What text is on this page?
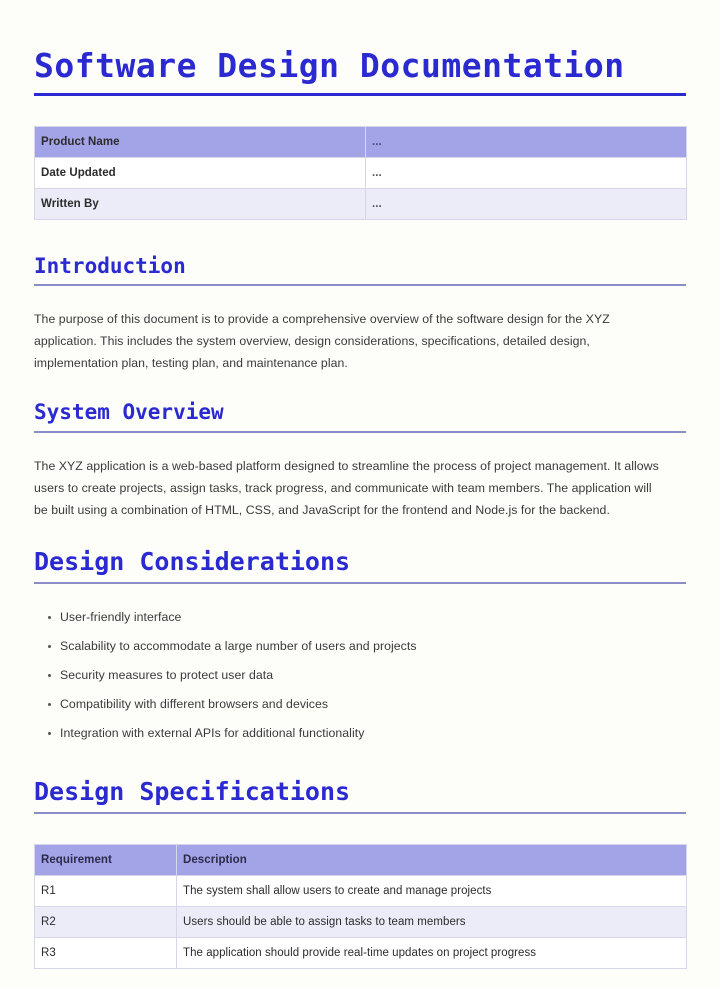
Software Design Documentation
Product Name	...
Date Updated	...
Written By	...
Introduction

The purpose of this document is to provide a comprehensive overview of the software design for the XYZ application. This includes the system overview, design considerations, specifications, detailed design, implementation plan, testing plan, and maintenance plan.

System Overview

The XYZ application is a web-based platform designed to streamline the process of project management. It allows users to create projects, assign tasks, track progress, and communicate with team members. The application will be built using a combination of HTML, CSS, and JavaScript for the frontend and Node.js for the backend.

Design Considerations
User-friendly interface
Scalability to accommodate a large number of users and projects
Security measures to protect user data
Compatibility with different browsers and devices
Integration with external APIs for additional functionality
Design Specifications
Requirement	Description
R1	The system shall allow users to create and manage projects
R2	Users should be able to assign tasks to team members
R3	The application should provide real-time updates on project progress
